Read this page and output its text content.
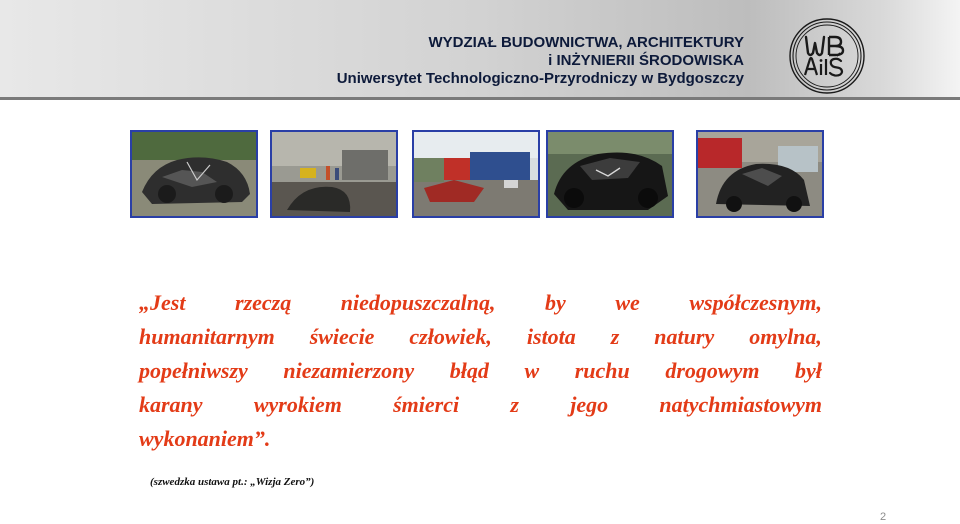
WYDZIAŁ BUDOWNICTWA, ARCHITEKTURY
i INŻYNIERII ŚRODOWISKA
Uniwersytet Technologiczno-Przyrodniczy w Bydgoszczy
„Jest rzeczą niedopuszczalną, by we współczesnym,
humanitarnym świecie człowiek, istota z natury omylna,
popełniwszy niezamierzony błąd w ruchu drogowym był
karany wyrokiem śmierci z jego natychmiastowym
wykonaniem”.
(szwedzka ustawa pt.: „Wizja Zero”)
2
